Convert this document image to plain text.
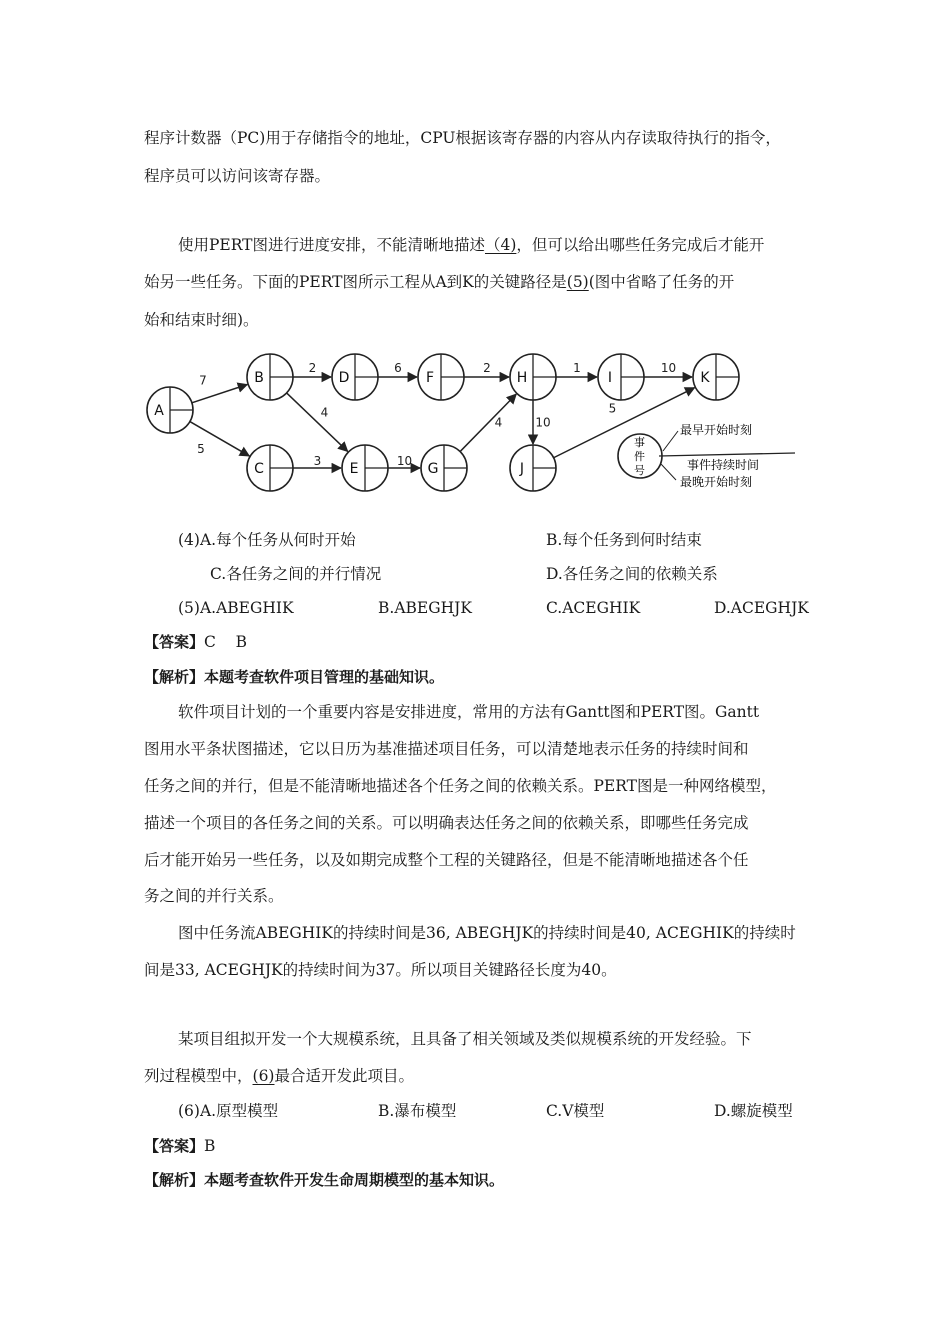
程序计数器（PC)用于存储指令的地址，CPU根据该寄存器的内容从内存读取待执行的指令，
程序员可以访问该寄存器。
使用PERT图进行进度安排，不能清晰地描述（4)，但可以给出哪些任务完成后才能开
始另一些任务。下面的PERT图所示工程从A到K的关键路径是(5)(图中省略了任务的开
始和结束时细)。
7
5
2
4
3
6
10
2
4
1
10
10
5
A
B
C
D
E
F
G
H	I
J
K
事
件
号
最早开始时刻
事件持续时间
最晚开始时刻
(4)A.每个任务从何时开始	B.每个任务到何时结束
C.各任务之间的并行情况	D.各任务之间的依赖关系
(5)A.ABEGHIK	B.ABEGHJK	C.ACEGHIK	D.ACEGHJK
【答案】C    B
【解析】本题考查软件项目管理的基础知识。
软件项目计划的一个重要内容是安排进度，常用的方法有Gantt图和PERT图。Gantt
图用水平条状图描述，它以日历为基准描述项目任务，可以清楚地表示任务的持续时间和
任务之间的并行，但是不能清晰地描述各个任务之间的依赖关系。PERT图是一种网络模型，
描述一个项目的各任务之间的关系。可以明确表达任务之间的依赖关系，即哪些任务完成
后才能开始另一些任务，以及如期完成整个工程的关键路径，但是不能清晰地描述各个任
务之间的并行关系。
图中任务流ABEGHIK的持续时间是36, ABEGHJK的持续时间是40, ACEGHIK的持续时
间是33, ACEGHJK的持续时间为37。所以项目关键路径长度为40。
某项目组拟开发一个大规模系统，且具备了相关领域及类似规模系统的开发经验。下
列过程模型中，(6)最合适开发此项目。
(6)A.原型模型	B.瀑布模型	C.V模型	D.螺旋模型
【答案】B
【解析】本题考查软件开发生命周期模型的基本知识。
